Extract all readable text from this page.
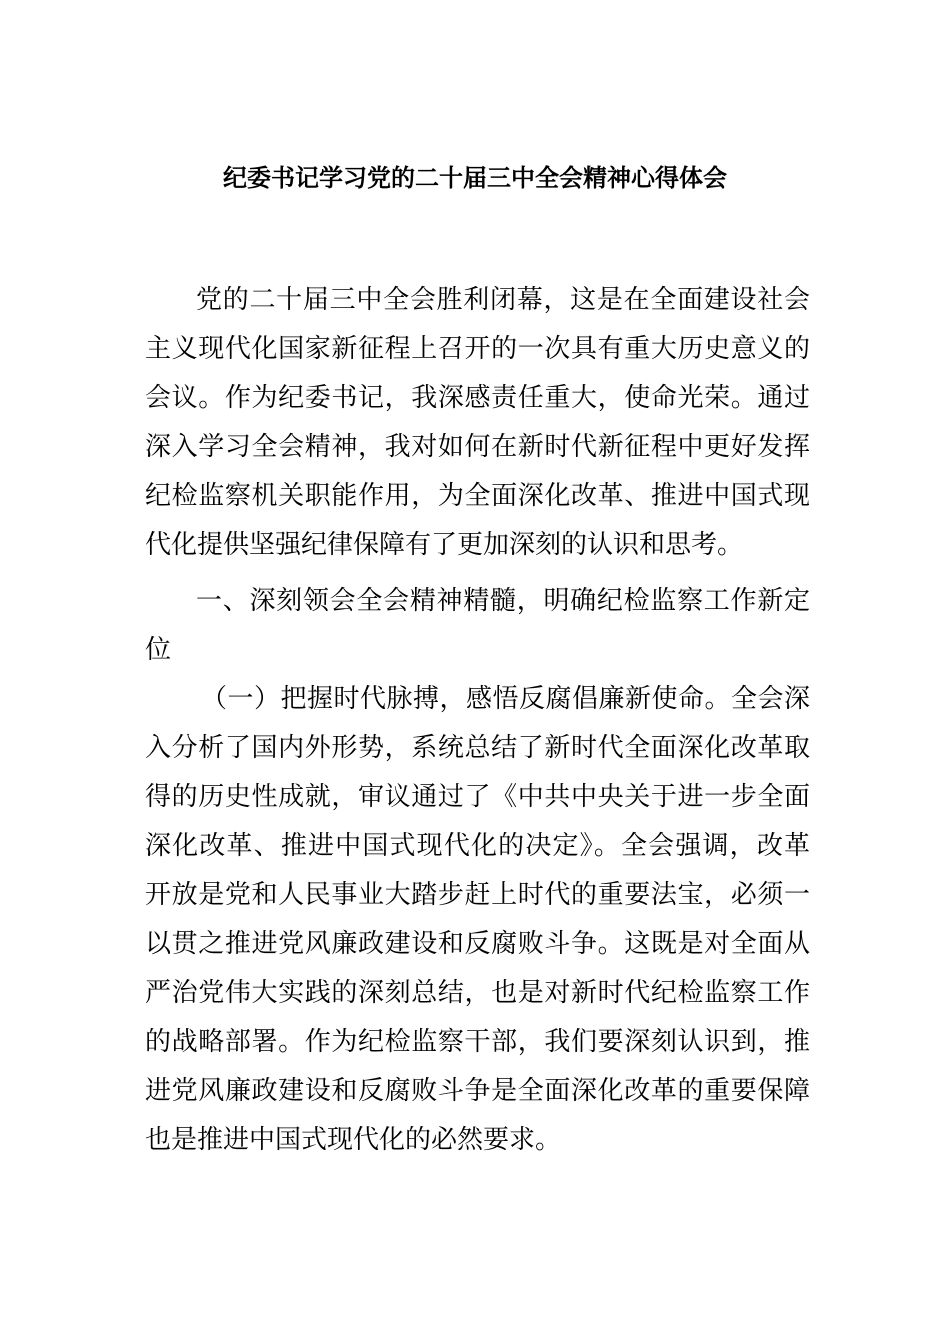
纪委书记学习党的二十届三中全会精神心得体会

党的二十届三中全会胜利闭幕，这是在全面建设社会

主义现代化国家新征程上召开的一次具有重大历史意义的

会议。作为纪委书记，我深感责任重大，使命光荣。通过

深入学习全会精神，我对如何在新时代新征程中更好发挥

纪检监察机关职能作用，为全面深化改革、推进中国式现

代化提供坚强纪律保障有了更加深刻的认识和思考。

一、深刻领会全会精神精髓，明确纪检监察工作新定

位

（一）把握时代脉搏，感悟反腐倡廉新使命。全会深

入分析了国内外形势，系统总结了新时代全面深化改革取

得的历史性成就，审议通过了《中共中央关于进一步全面

深化改革、推进中国式现代化的决定》。全会强调，改革

开放是党和人民事业大踏步赶上时代的重要法宝，必须一

以贯之推进党风廉政建设和反腐败斗争。这既是对全面从

严治党伟大实践的深刻总结，也是对新时代纪检监察工作

的战略部署。作为纪检监察干部，我们要深刻认识到，推

进党风廉政建设和反腐败斗争是全面深化改革的重要保障

也是推进中国式现代化的必然要求。
